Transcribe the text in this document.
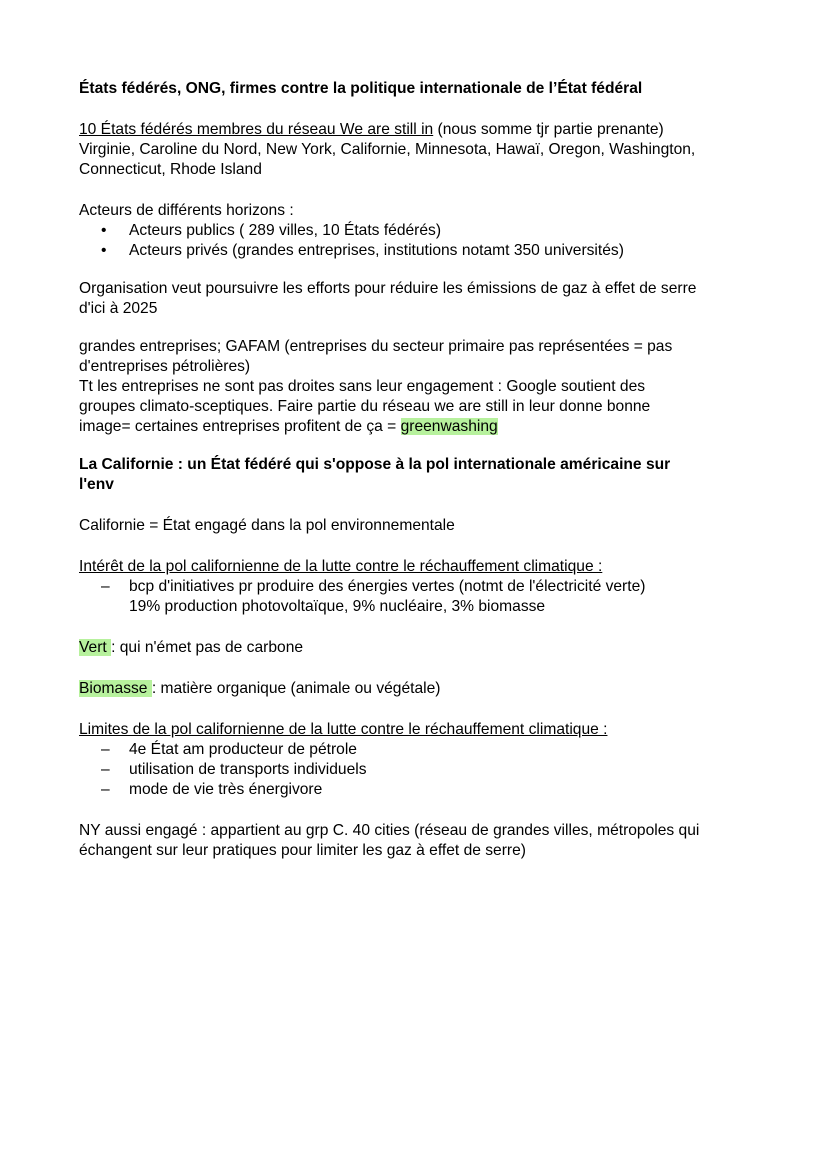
États fédérés, ONG, firmes contre la politique internationale de l’État fédéral

10 États fédérés membres du réseau We are still in (nous somme tjr partie prenante)
Virginie, Caroline du Nord, New York, Californie, Minnesota, Hawaï, Oregon, Washington,
Connecticut, Rhode Island

Acteurs de différents horizons :

• Acteurs publics ( 289 villes, 10 États fédérés)
• Acteurs privés (grandes entreprises, institutions notamt 350 universités)

Organisation veut poursuivre les efforts pour réduire les émissions de gaz à effet de serre
d'ici à 2025

grandes entreprises; GAFAM (entreprises du secteur primaire pas représentées = pas
d'entreprises pétrolières)
Tt les entreprises ne sont pas droites sans leur engagement : Google soutient des
groupes climato-sceptiques. Faire partie du réseau we are still in leur donne bonne
image= certaines entreprises profitent de ça = greenwashing

La Californie : un État fédéré qui s'oppose à la pol internationale américaine sur
l'env

Californie = État engagé dans la pol environnementale

Intérêt de la pol californienne de la lutte contre le réchauffement climatique :

– bcp d'initiatives pr produire des énergies vertes (notmt de l'électricité verte)
19% production photovoltaïque, 9% nucléaire, 3% biomasse

Vert : qui n'émet pas de carbone

Biomasse : matière organique (animale ou végétale)

Limites de la pol californienne de la lutte contre le réchauffement climatique :

– 4e État am producteur de pétrole
– utilisation de transports individuels
– mode de vie très énergivore

NY aussi engagé : appartient au grp C. 40 cities (réseau de grandes villes, métropoles qui
échangent sur leur pratiques pour limiter les gaz à effet de serre)
